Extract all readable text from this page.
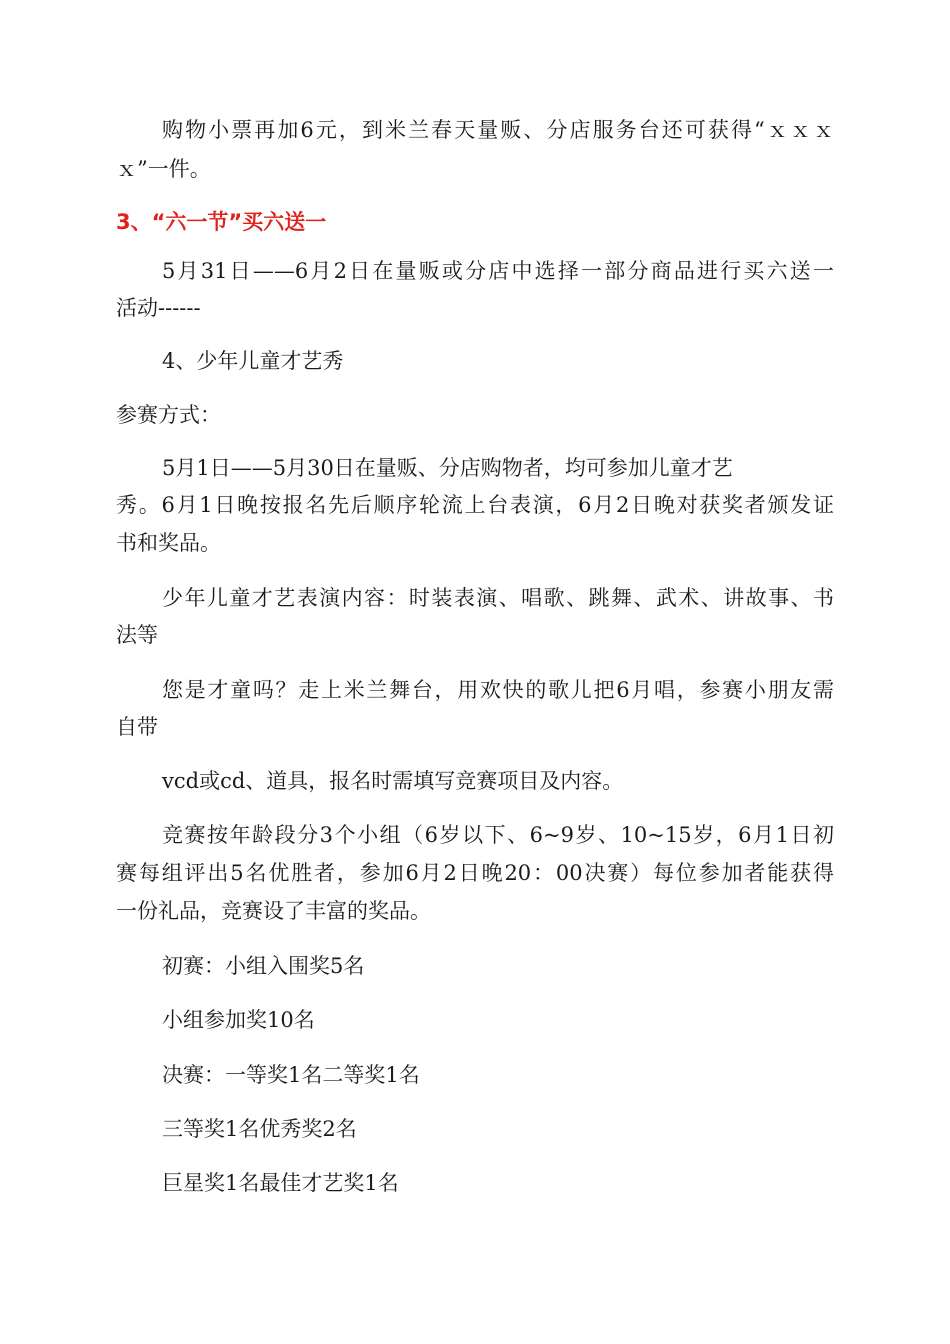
购物小票再加6元，到米兰春天量贩、分店服务台还可获得“ｘｘｘ
ｘ”一件。
3、“六一节”买六送一
5月31日——6月2日在量贩或分店中选择一部分商品进行买六送一
活动------
4、少年儿童才艺秀
参赛方式：
5月1日——5月30日在量贩、分店购物者，均可参加儿童才艺
秀。6月1日晚按报名先后顺序轮流上台表演，6月2日晚对获奖者颁发证
书和奖品。
少年儿童才艺表演内容：时装表演、唱歌、跳舞、武术、讲故事、书
法等
您是才童吗？走上米兰舞台，用欢快的歌儿把6月唱，参赛小朋友需
自带
vcd或cd、道具，报名时需填写竞赛项目及内容。
竞赛按年龄段分3个小组（6岁以下、6~9岁、10~15岁，6月1日初
赛每组评出5名优胜者，参加6月2日晚20：00决赛）每位参加者能获得
一份礼品，竞赛设了丰富的奖品。
初赛：小组入围奖5名
小组参加奖10名
决赛：一等奖1名二等奖1名
三等奖1名优秀奖2名
巨星奖1名最佳才艺奖1名
